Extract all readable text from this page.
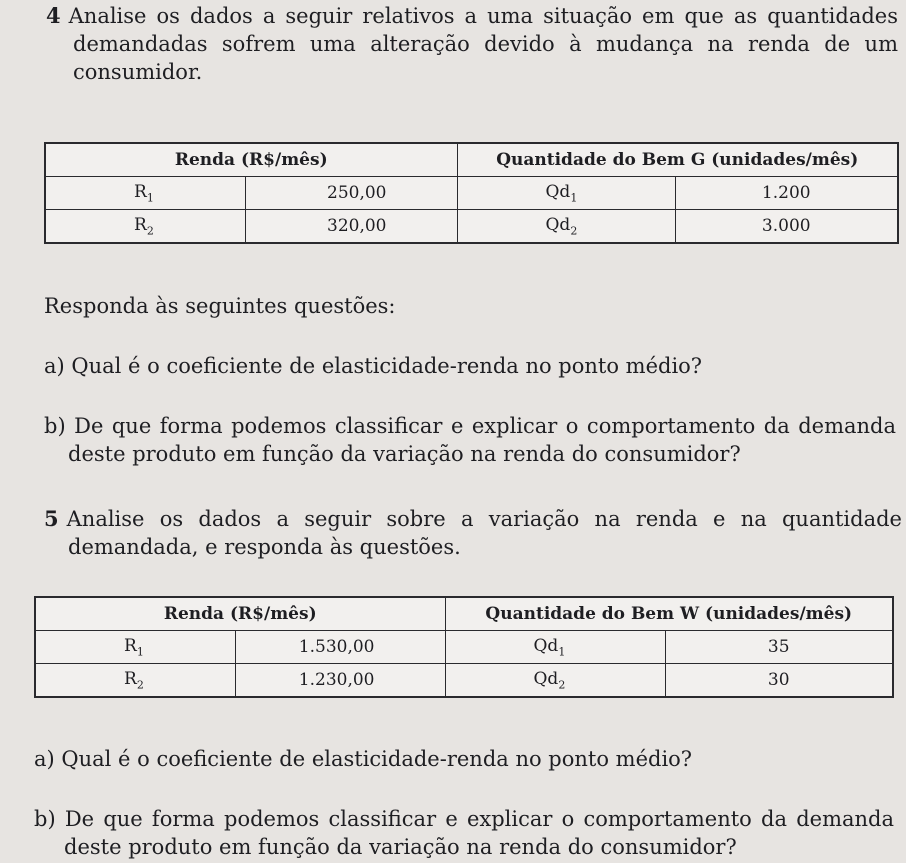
4 Analise os dados a seguir relativos a uma situação em que as quantidades

demandadas sofrem uma alteração devido à mudança na renda de um

consumidor.

Renda (R$/mês)		Quantidade do Bem G (unidades/mês)	
$R_1$	250,00	$Qd_1$	1.200
$R_2$	320,00	$Qd_2$	3.000

Responda às seguintes questões:

a) Qual é o coeficiente de elasticidade-renda no ponto médio?

b) De que forma podemos classificar e explicar o comportamento da demanda

deste produto em função da variação na renda do consumidor?

5 Analise os dados a seguir sobre a variação na renda e na quantidade

demandada, e responda às questões.

Renda (R$/mês)		Quantidade do Bem W (unidades/mês)	
$R_1$	1.530,00	$Qd_1$	35
$R_2$	1.230,00	$Qd_2$	30

a) Qual é o coeficiente de elasticidade-renda no ponto médio?

b) De que forma podemos classificar e explicar o comportamento da demanda

deste produto em função da variação na renda do consumidor?
